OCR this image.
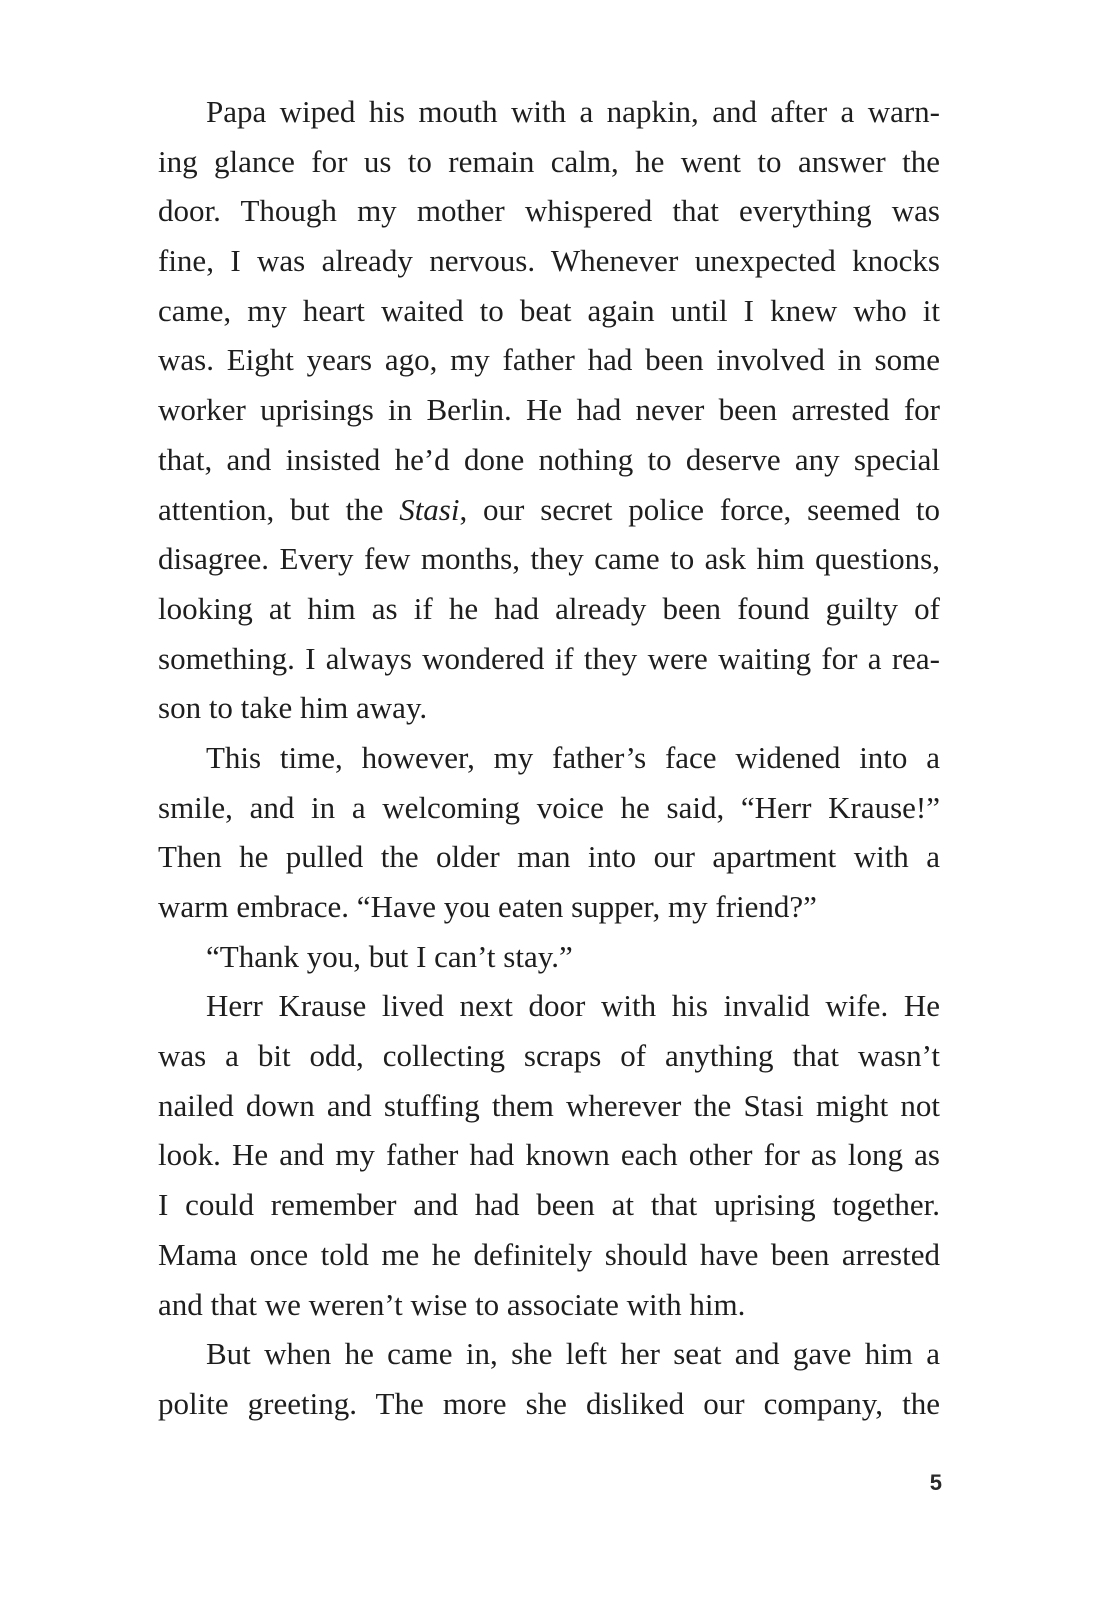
Papa wiped his mouth with a napkin, and after a warn-
ing glance for us to remain calm, he went to answer the
door. Though my mother whispered that everything was
fine, I was already nervous. Whenever unexpected knocks
came, my heart waited to beat again until I knew who it
was. Eight years ago, my father had been involved in some
worker uprisings in Berlin. He had never been arrested for
that, and insisted he’d done nothing to deserve any special
attention, but the Stasi, our secret police force, seemed to
disagree. Every few months, they came to ask him questions,
looking at him as if he had already been found guilty of
something. I always wondered if they were waiting for a rea-
son to take him away.
This time, however, my father’s face widened into a
smile, and in a welcoming voice he said, “Herr Krause!”
Then he pulled the older man into our apartment with a
warm embrace. “Have you eaten supper, my friend?”
“Thank you, but I can’t stay.”
Herr Krause lived next door with his invalid wife. He
was a bit odd, collecting scraps of anything that wasn’t
nailed down and stuffing them wherever the Stasi might not
look. He and my father had known each other for as long as
I could remember and had been at that uprising together.
Mama once told me he definitely should have been arrested
and that we weren’t wise to associate with him.
But when he came in, she left her seat and gave him a
polite greeting. The more she disliked our company, the
5
